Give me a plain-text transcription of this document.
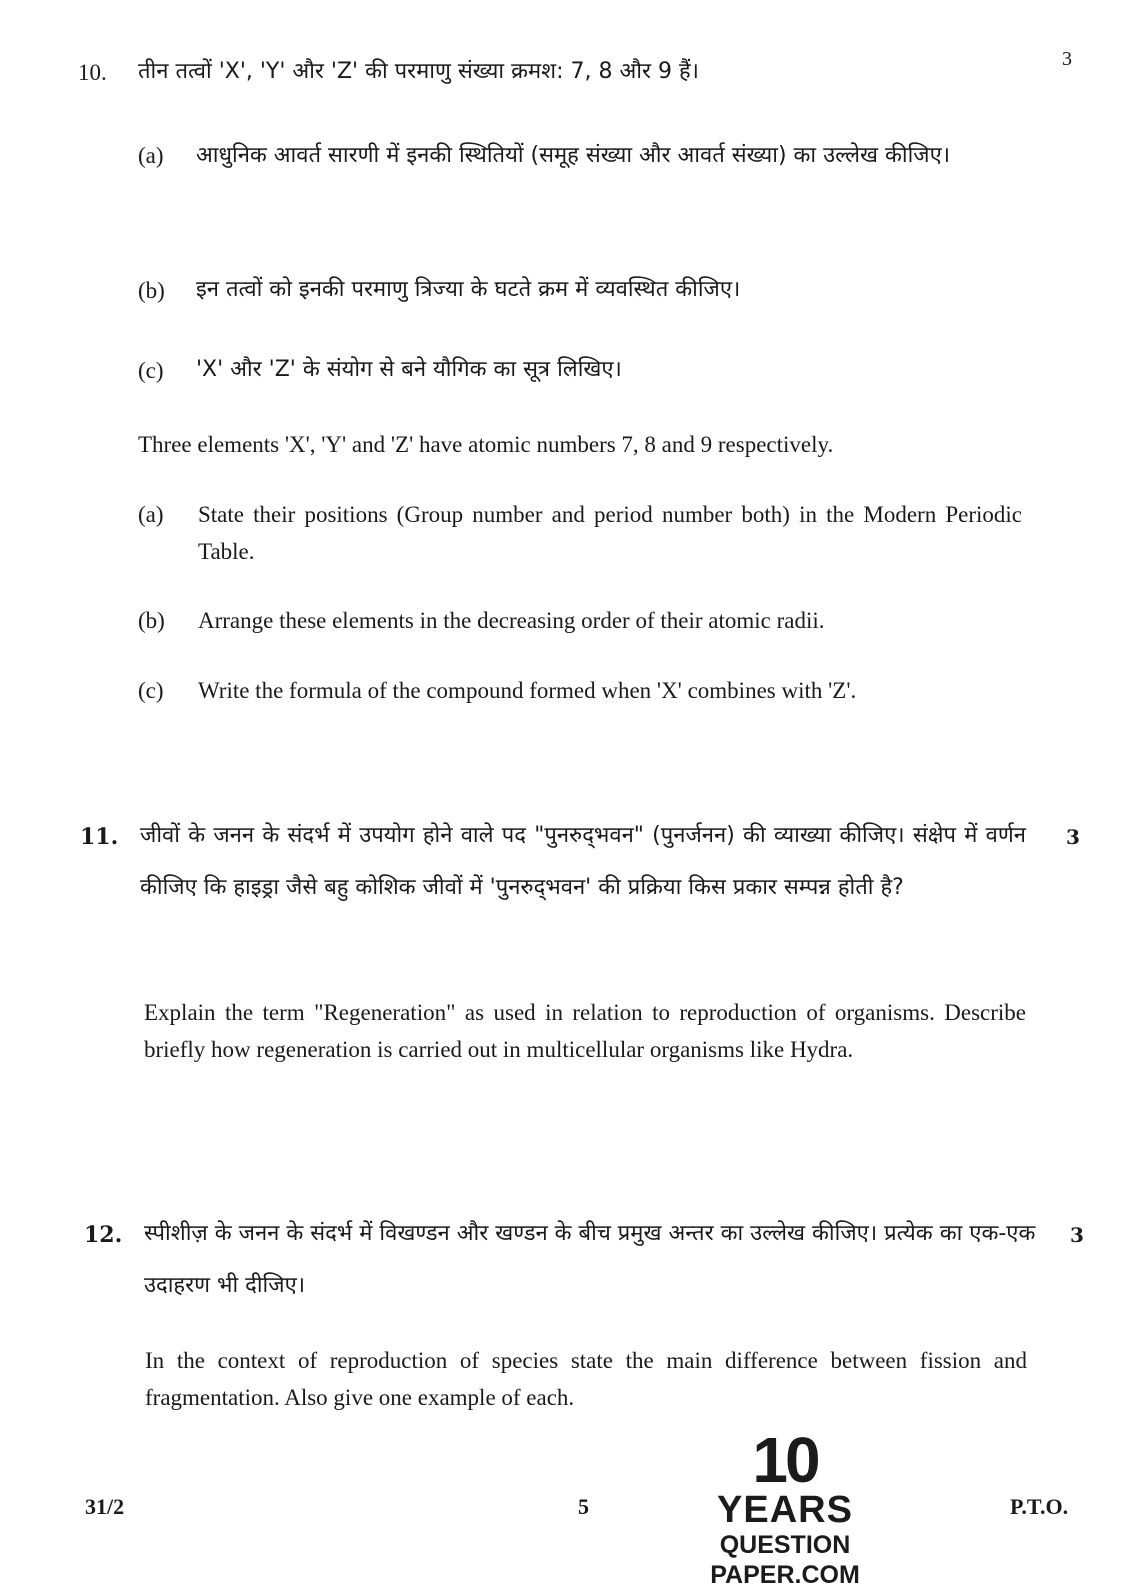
3
10. तीन तत्वों 'X', 'Y' और 'Z' की परमाणु संख्या क्रमश: 7, 8 और 9 हैं।
(a) आधुनिक आवर्त सारणी में इनकी स्थितियों (समूह संख्या और आवर्त संख्या) का उल्लेख कीजिए।
(b) इन तत्वों को इनकी परमाणु त्रिज्या के घटते क्रम में व्यवस्थित कीजिए।
(c) 'X' और 'Z' के संयोग से बने यौगिक का सूत्र लिखिए।
Three elements 'X', 'Y' and 'Z' have atomic numbers 7, 8 and 9 respectively.
(a) State their positions (Group number and period number both) in the Modern Periodic Table.
(b) Arrange these elements in the decreasing order of their atomic radii.
(c) Write the formula of the compound formed when 'X' combines with 'Z'.
11.	3
जीवों के जनन के संदर्भ में उपयोग होने वाले पद "पुनरुद्‌भवन" (पुनर्जनन) की व्याख्या कीजिए। संक्षेप में वर्णन कीजिए कि हाइड्रा जैसे बहु कोशिक जीवों में 'पुनरुद्‌भवन' की प्रक्रिया किस प्रकार सम्पन्न होती है?
Explain the term "Regeneration" as used in relation to reproduction of organisms. Describe briefly how regeneration is carried out in multicellular organisms like Hydra.
12.	3
स्पीशीज़ के जनन के संदर्भ में विखण्डन और खण्डन के बीच प्रमुख अन्तर का उल्लेख कीजिए। प्रत्येक का एक-एक उदाहरण भी दीजिए।
In the context of reproduction of species state the main difference between fission and fragmentation. Also give one example of each.
31/2	5	P.T.O.
10
YEARS
QUESTION PAPER.COM
